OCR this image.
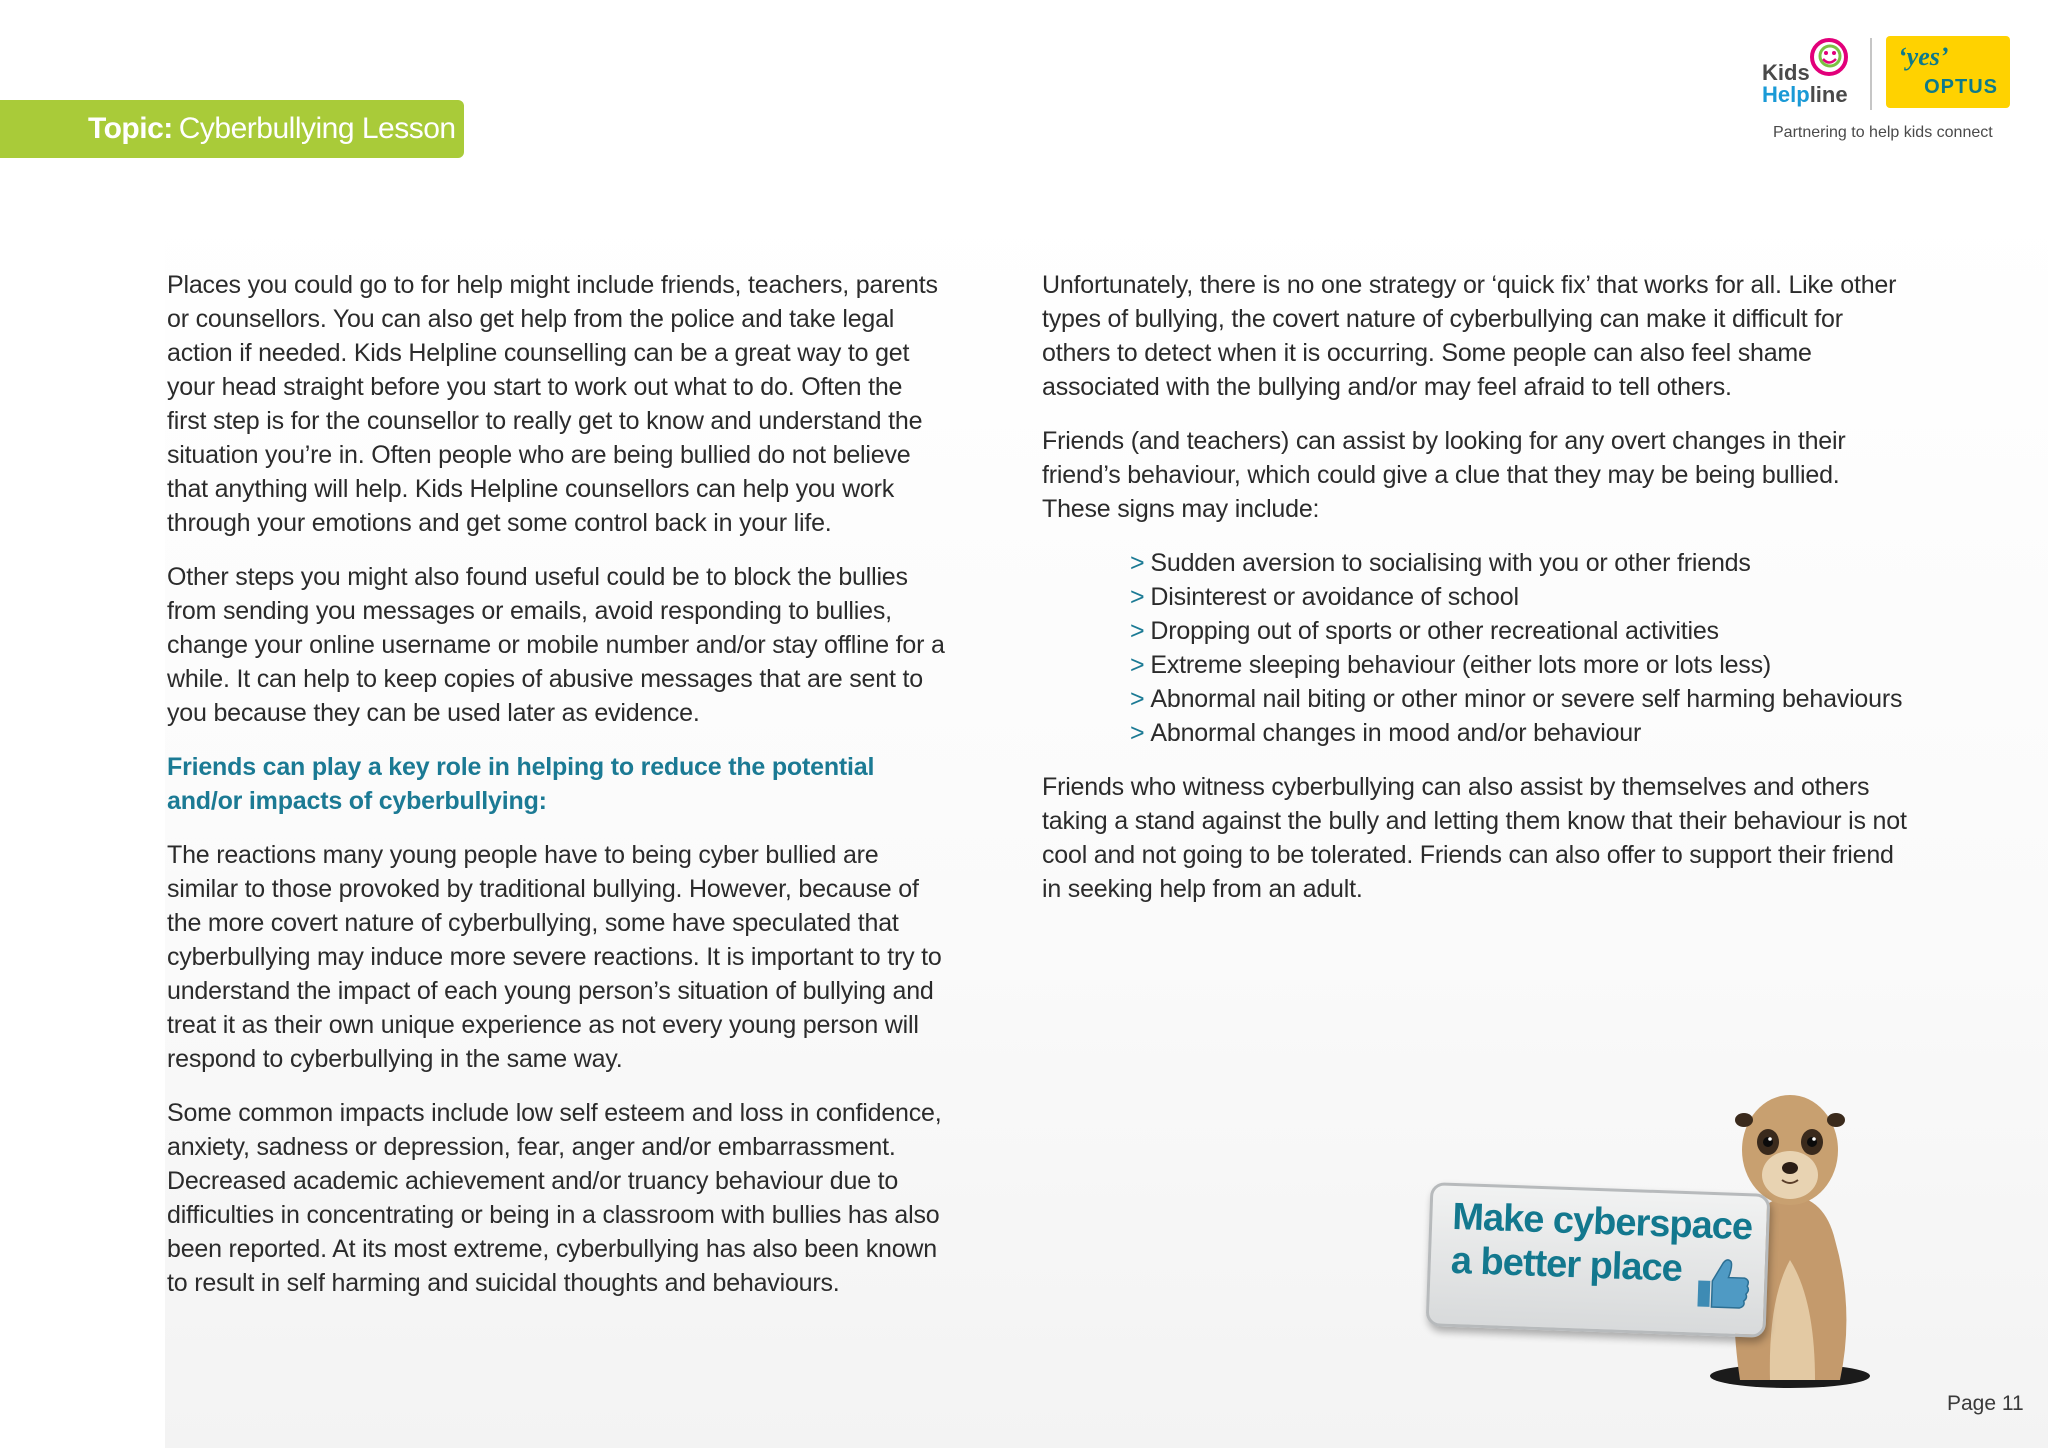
Topic: Cyberbullying Lesson 1
Kids
Helpline
‘yes’
OPTUS
Partnering to help kids connect

Places you could go to for help might include friends, teachers, parents or counsellors. You can also get help from the police and take legal action if needed. Kids Helpline counselling can be a great way to get your head straight before you start to work out what to do. Often the first step is for the counsellor to really get to know and understand the situation you’re in. Often people who are being bullied do not believe that anything will help. Kids Helpline counsellors can help you work through your emotions and get some control back in your life.

Other steps you might also found useful could be to block the bullies from sending you messages or emails, avoid responding to bullies, change your online username or mobile number and/or stay offline for a while. It can help to keep copies of abusive messages that are sent to you because they can be used later as evidence.

Friends can play a key role in helping to reduce the potential and/or impacts of cyberbullying:

The reactions many young people have to being cyber bullied are similar to those provoked by traditional bullying. However, because of the more covert nature of cyberbullying, some have speculated that cyberbullying may induce more severe reactions. It is important to try to understand the impact of each young person’s situation of bullying and treat it as their own unique experience as not every young person will respond to cyberbullying in the same way.

Some common impacts include low self esteem and loss in confidence, anxiety, sadness or depression, fear, anger and/or embarrassment. Decreased academic achievement and/or truancy behaviour due to difficulties in concentrating or being in a classroom with bullies has also been reported. At its most extreme, cyberbullying has also been known to result in self harming and suicidal thoughts and behaviours.

Unfortunately, there is no one strategy or ‘quick fix’ that works for all. Like other types of bullying, the covert nature of cyberbullying can make it difficult for others to detect when it is occurring. Some people can also feel shame associated with the bullying and/or may feel afraid to tell others.

Friends (and teachers) can assist by looking for any overt changes in their friend’s behaviour, which could give a clue that they may be being bullied. These signs may include:

> Sudden aversion to socialising with you or other friends
> Disinterest or avoidance of school
> Dropping out of sports or other recreational activities
> Extreme sleeping behaviour (either lots more or lots less)
> Abnormal nail biting or other minor or severe self harming behaviours
> Abnormal changes in mood and/or behaviour

Friends who witness cyberbullying can also assist by themselves and others taking a stand against the bully and letting them know that their behaviour is not cool and not going to be tolerated. Friends can also offer to support their friend in seeking help from an adult.

Make cyberspace
a better place
Page 11
